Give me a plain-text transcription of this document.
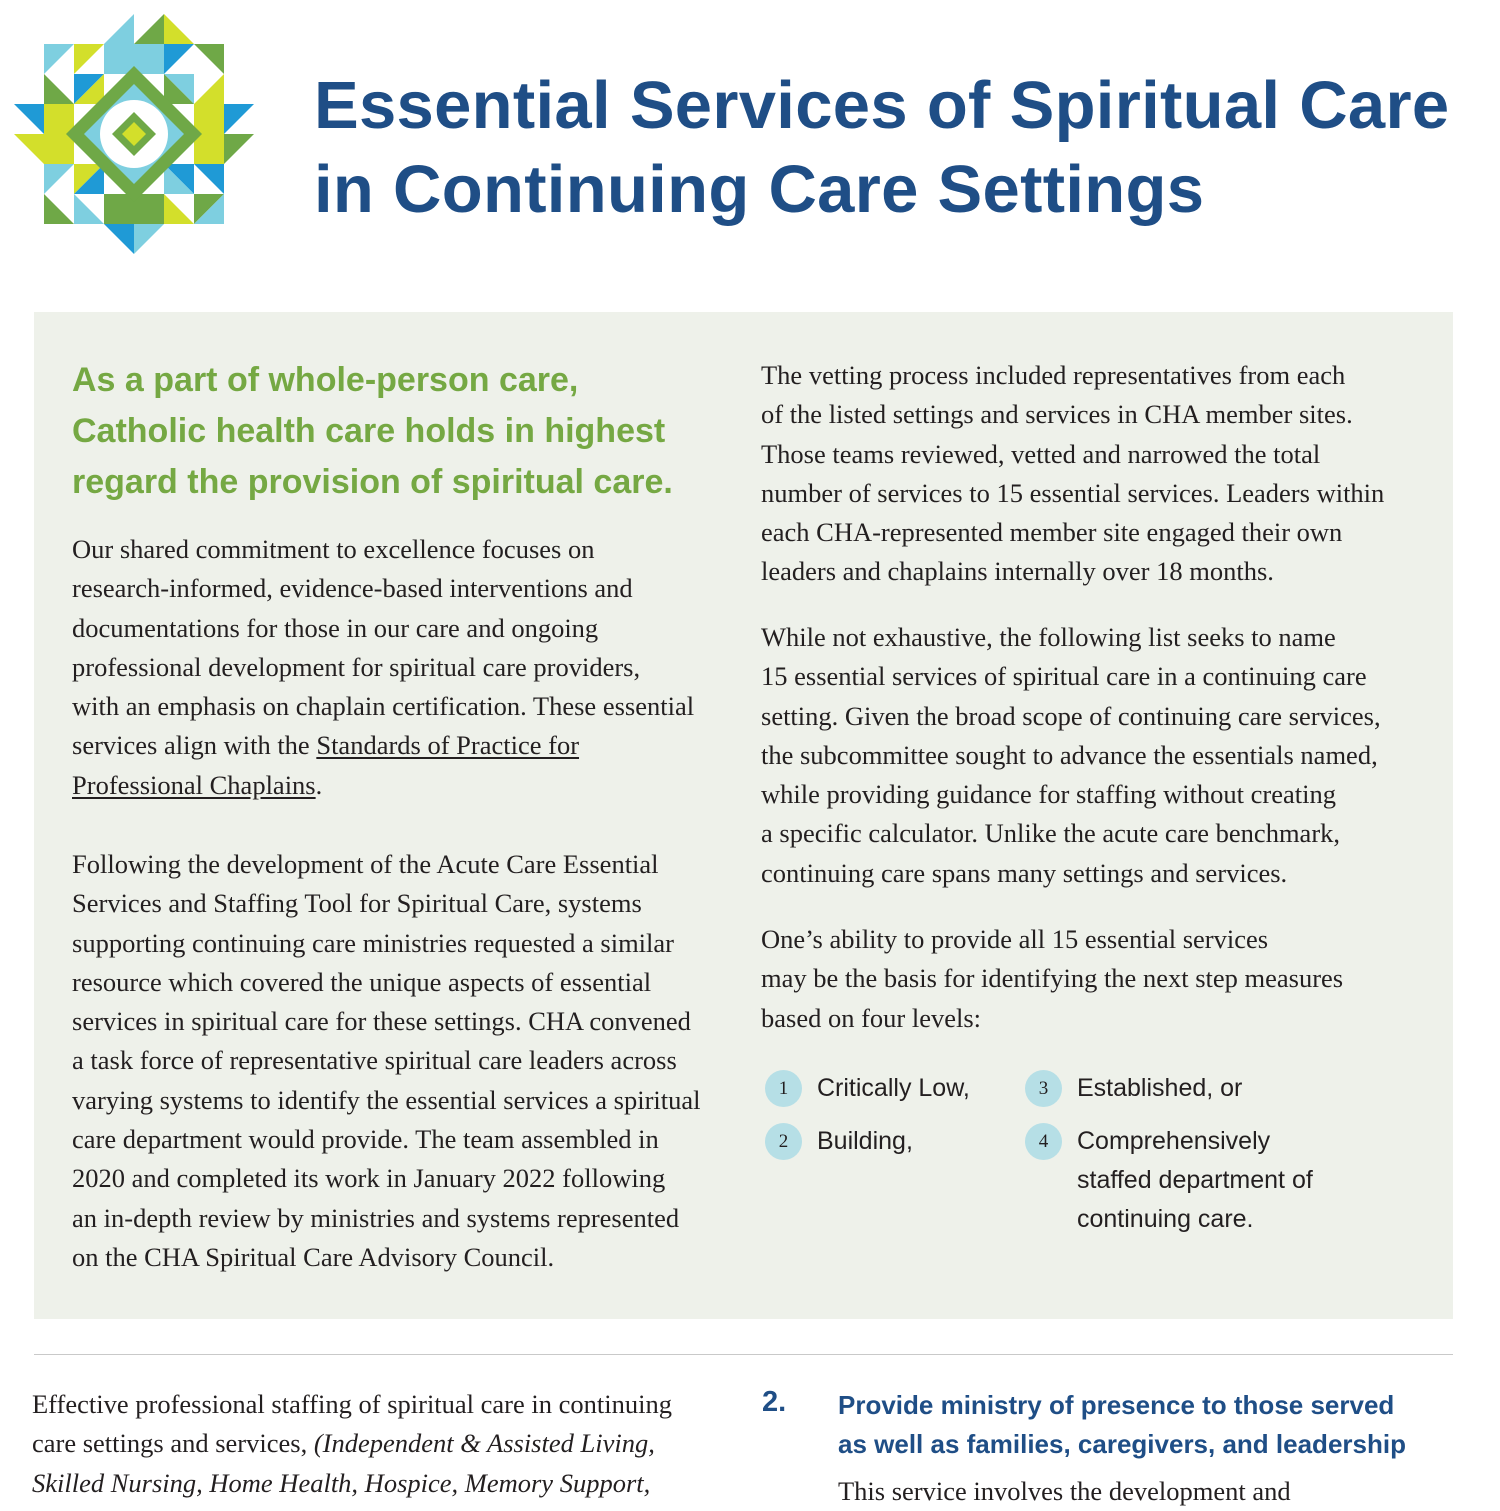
Essential Services of Spiritual Care
in Continuing Care Settings
As a part of whole-person care,
Catholic health care holds in highest
regard the provision of spiritual care.
Our shared commitment to excellence focuses on
research-informed, evidence-based interventions and
documentations for those in our care and ongoing
professional development for spiritual care providers,
with an emphasis on chaplain certification. These essential
services align with the Standards of Practice for
Professional Chaplains.
Following the development of the Acute Care Essential
Services and Staffing Tool for Spiritual Care, systems
supporting continuing care ministries requested a similar
resource which covered the unique aspects of essential
services in spiritual care for these settings. CHA convened
a task force of representative spiritual care leaders across
varying systems to identify the essential services a spiritual
care department would provide. The team assembled in
2020 and completed its work in January 2022 following
an in-depth review by ministries and systems represented
on the CHA Spiritual Care Advisory Council.
The vetting process included representatives from each
of the listed settings and services in CHA member sites.
Those teams reviewed, vetted and narrowed the total
number of services to 15 essential services. Leaders within
each CHA-represented member site engaged their own
leaders and chaplains internally over 18 months.
While not exhaustive, the following list seeks to name
15 essential services of spiritual care in a continuing care
setting. Given the broad scope of continuing care services,
the subcommittee sought to advance the essentials named,
while providing guidance for staffing without creating
a specific calculator. Unlike the acute care benchmark,
continuing care spans many settings and services.
One’s ability to provide all 15 essential services
may be the basis for identifying the next step measures
based on four levels:
1	Critically Low,
2	Building,
3	Established, or
4	Comprehensively
staffed department of
continuing care.
Effective professional staffing of spiritual care in continuing
care settings and services, (Independent & Assisted Living,
Skilled Nursing, Home Health, Hospice, Memory Support,
2. Provide ministry of presence to those served
as well as families, caregivers, and leadership
This service involves the development and
